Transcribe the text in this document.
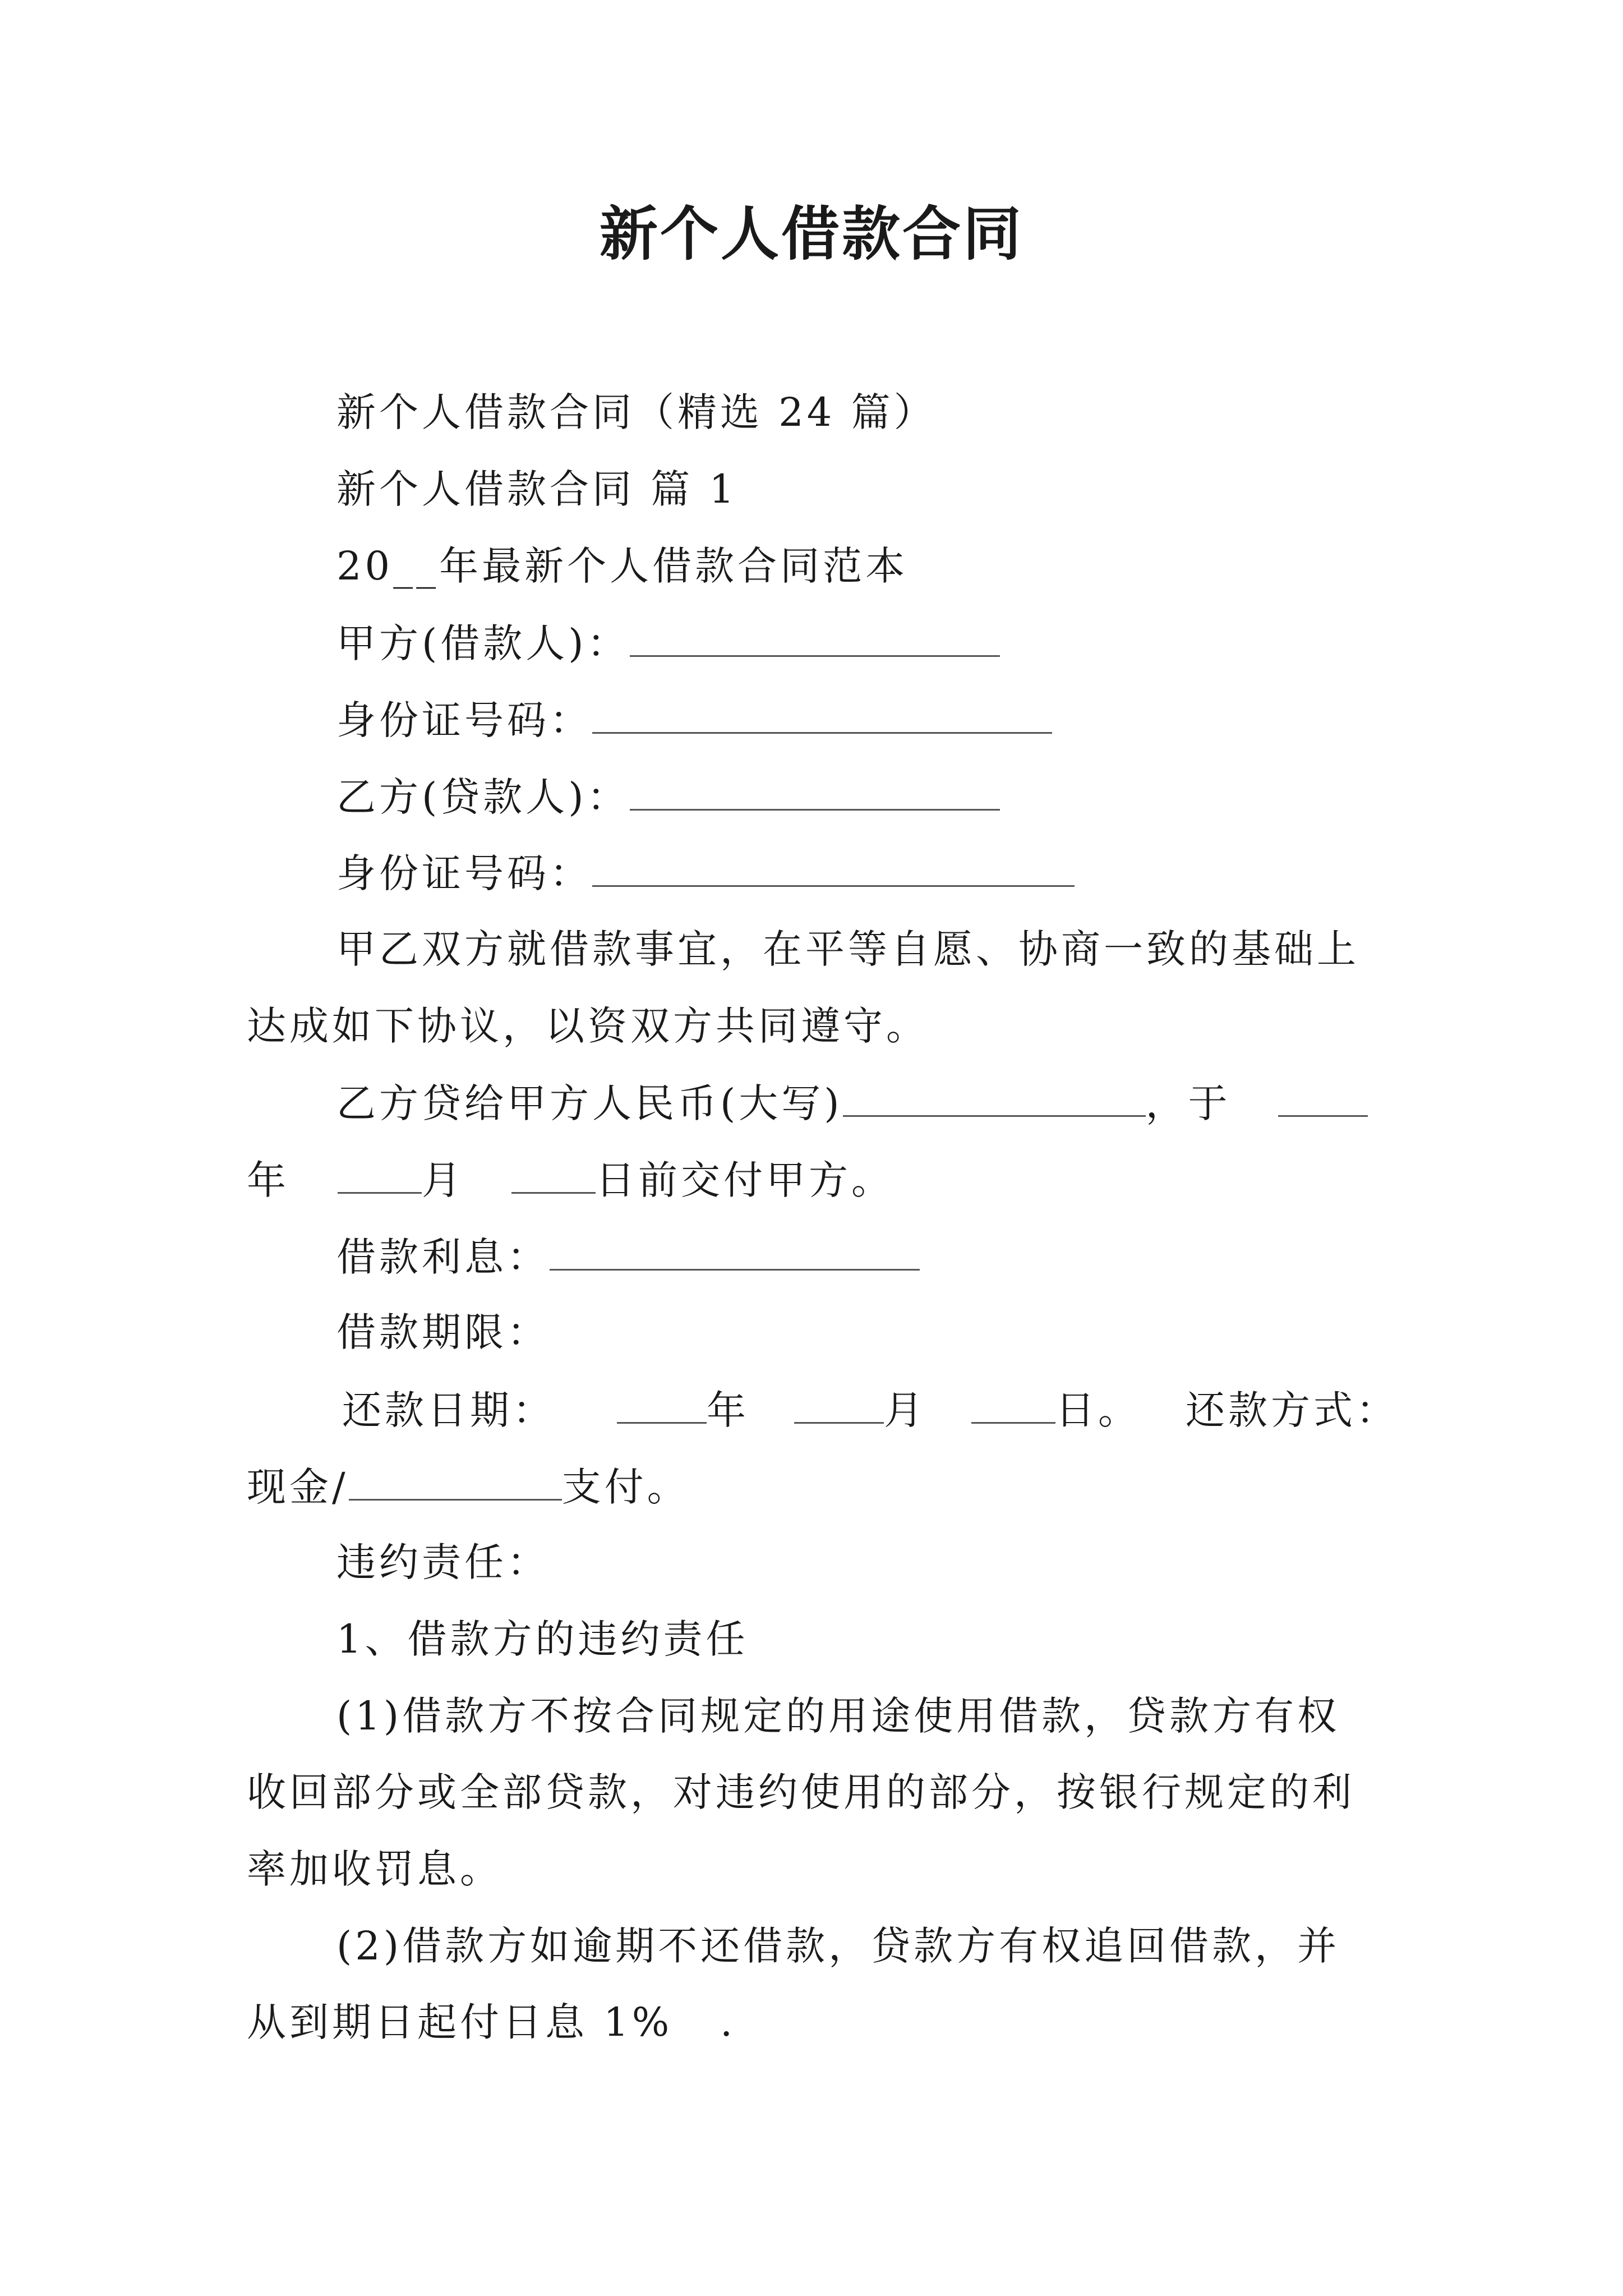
新个人借款合同
新个人借款合同（精选 24 篇）
新个人借款合同 篇 1
20__年最新个人借款合同范本
甲方(借款人)：
身份证号码：
乙方(贷款人)：
身份证号码：
甲乙双方就借款事宜，在平等自愿、协商一致的基础上
达成如下协议，以资双方共同遵守。
乙方贷给甲方人民币(大写)	，于
年	月	日前交付甲方。
借款利息：
借款期限：
还款日期：	年	月	日。 还款方式：
现金/	支付。
违约责任：
1、借款方的违约责任
(1)借款方不按合同规定的用途使用借款，贷款方有权
收回部分或全部贷款，对违约使用的部分，按银行规定的利
率加收罚息。
(2)借款方如逾期不还借款，贷款方有权追回借款，并
从到期日起付日息 1%   .
